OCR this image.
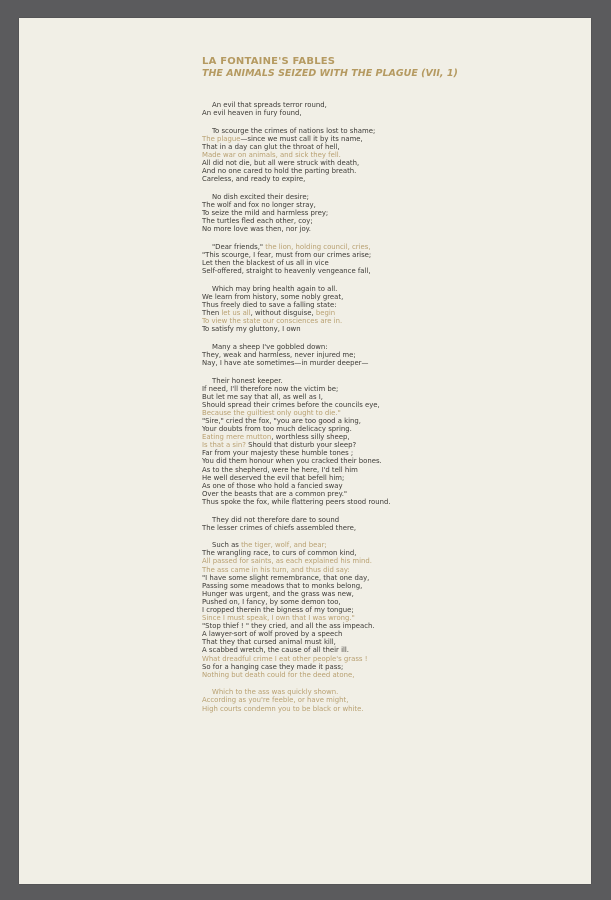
LA FONTAINE'S FABLES
THE ANIMALS SEIZED WITH THE PLAGUE (VII, 1)
An evil that spreads terror round,
An evil heaven in fury found,
To scourge the crimes of nations lost to shame;
The plague—since we must call it by its name,
That in a day can glut the throat of hell,
Made war on animals, and sick they fell.
All did not die, but all were struck with death,
And no one cared to hold the parting breath.
Careless, and ready to expire,
No dish excited their desire;
The wolf and fox no longer stray,
To seize the mild and harmless prey;
The turtles fled each other, coy;
No more love was then, nor joy.
"Dear friends," the lion, holding council, cries,
"This scourge, I fear, must from our crimes arise;
Let then the blackest of us all in vice
Self-offered, straight to heavenly vengeance fall,
Which may bring health again to all.
We learn from history, some nobly great,
Thus freely died to save a falling state:
Then let us all, without disguise, begin
To view the state our consciences are in.
To satisfy my gluttony, I own
Many a sheep I've gobbled down:
They, weak and harmless, never injured me;
Nay, I have ate sometimes—in murder deeper—
Their honest keeper.
If need, I'll therefore now the victim be;
But let me say that all, as well as I,
Should spread their crimes before the councils eye,
Because the guiltiest only ought to die."
"Sire," cried the fox, "you are too good a king,
Your doubts from too much delicacy spring.
Eating mere mutton, worthless silly sheep,
Is that a sin? Should that disturb your sleep?
Far from your majesty these humble tones ;
You did them honour when you cracked their bones.
As to the shepherd, were he here, I'd tell him
He well deserved the evil that befell him;
As one of those who hold a fancied sway
Over the beasts that are a common prey."
Thus spoke the fox, while flattering peers stood round.
They did not therefore dare to sound
The lesser crimes of chiefs assembled there,
Such as the tiger, wolf, and bear;
The wrangling race, to curs of common kind,
All passed for saints, as each explained his mind.
The ass came in his turn, and thus did say:
"I have some slight remembrance, that one day,
Passing some meadows that to monks belong,
Hunger was urgent, and the grass was new,
Pushed on, I fancy, by some demon too,
I cropped therein the bigness of my tongue;
Since I must speak, I own that I was wrong."
"Stop thief ! " they cried, and all the ass impeach.
A lawyer-sort of wolf proved by a speech
That they that cursed animal must kill,
A scabbed wretch, the cause of all their ill.
What dreadful crime I eat other people's grass !
So for a hanging case they made it pass;
Nothing but death could for the deed atone,
Which to the ass was quickly shown.
According as you're feeble, or have might,
High courts condemn you to be black or white.
